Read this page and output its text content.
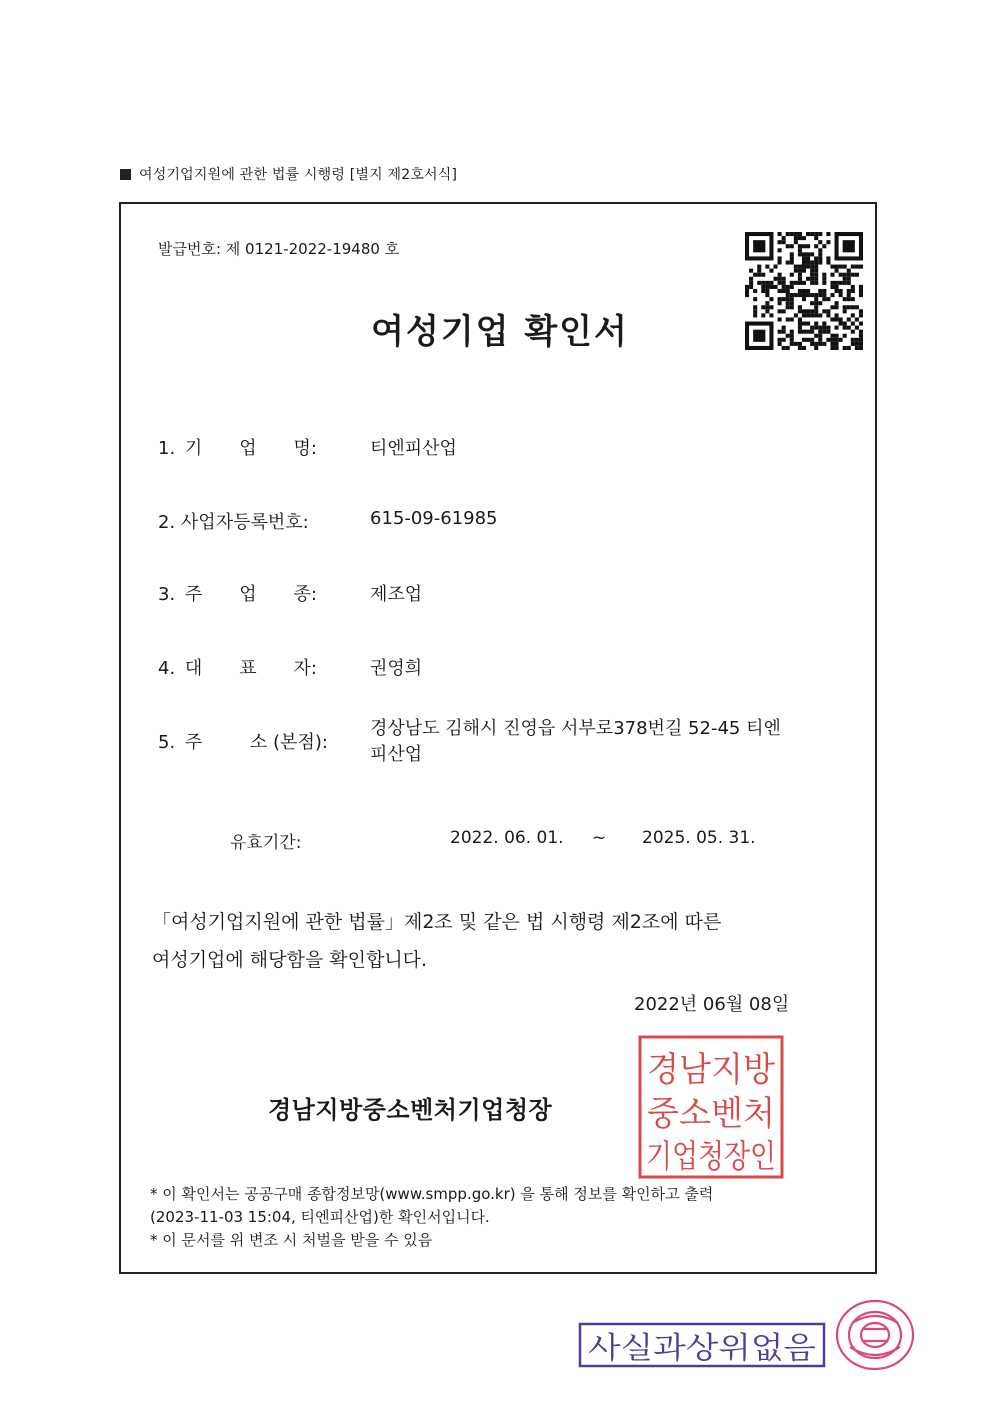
여성기업지원에 관한 법률 시행령 [별지 제2호서식]
발급번호: 제 0121-2022-19480 호
여성기업 확인서
1. 기 업 명:	티엔피산업
2. 사업자등록번호:	615-09-61985
3. 주 업 종:	제조업
4. 대 표 자:	권영희
5. 주	소 (본점):
경상남도 김해시 진영읍 서부로378번길 52-45 티엔
피산업
유효기간:	2022. 06. 01. ~ 2025. 05. 31.
「여성기업지원에 관한 법률」제2조 및 같은 법 시행령 제2조에 따른
여성기업에 해당함을 확인합니다.
2022년 06월 08일
경남지방중소벤처기업청장
경남지방
중소벤처
기업청장인
* 이 확인서는 공공구매 종합정보망(www.smpp.go.kr) 을 통해 정보를 확인하고 출력
(2023-11-03 15:04, 티엔피산업)한 확인서입니다.
* 이 문서를 위 변조 시 처벌을 받을 수 있음
사실과상위없음
